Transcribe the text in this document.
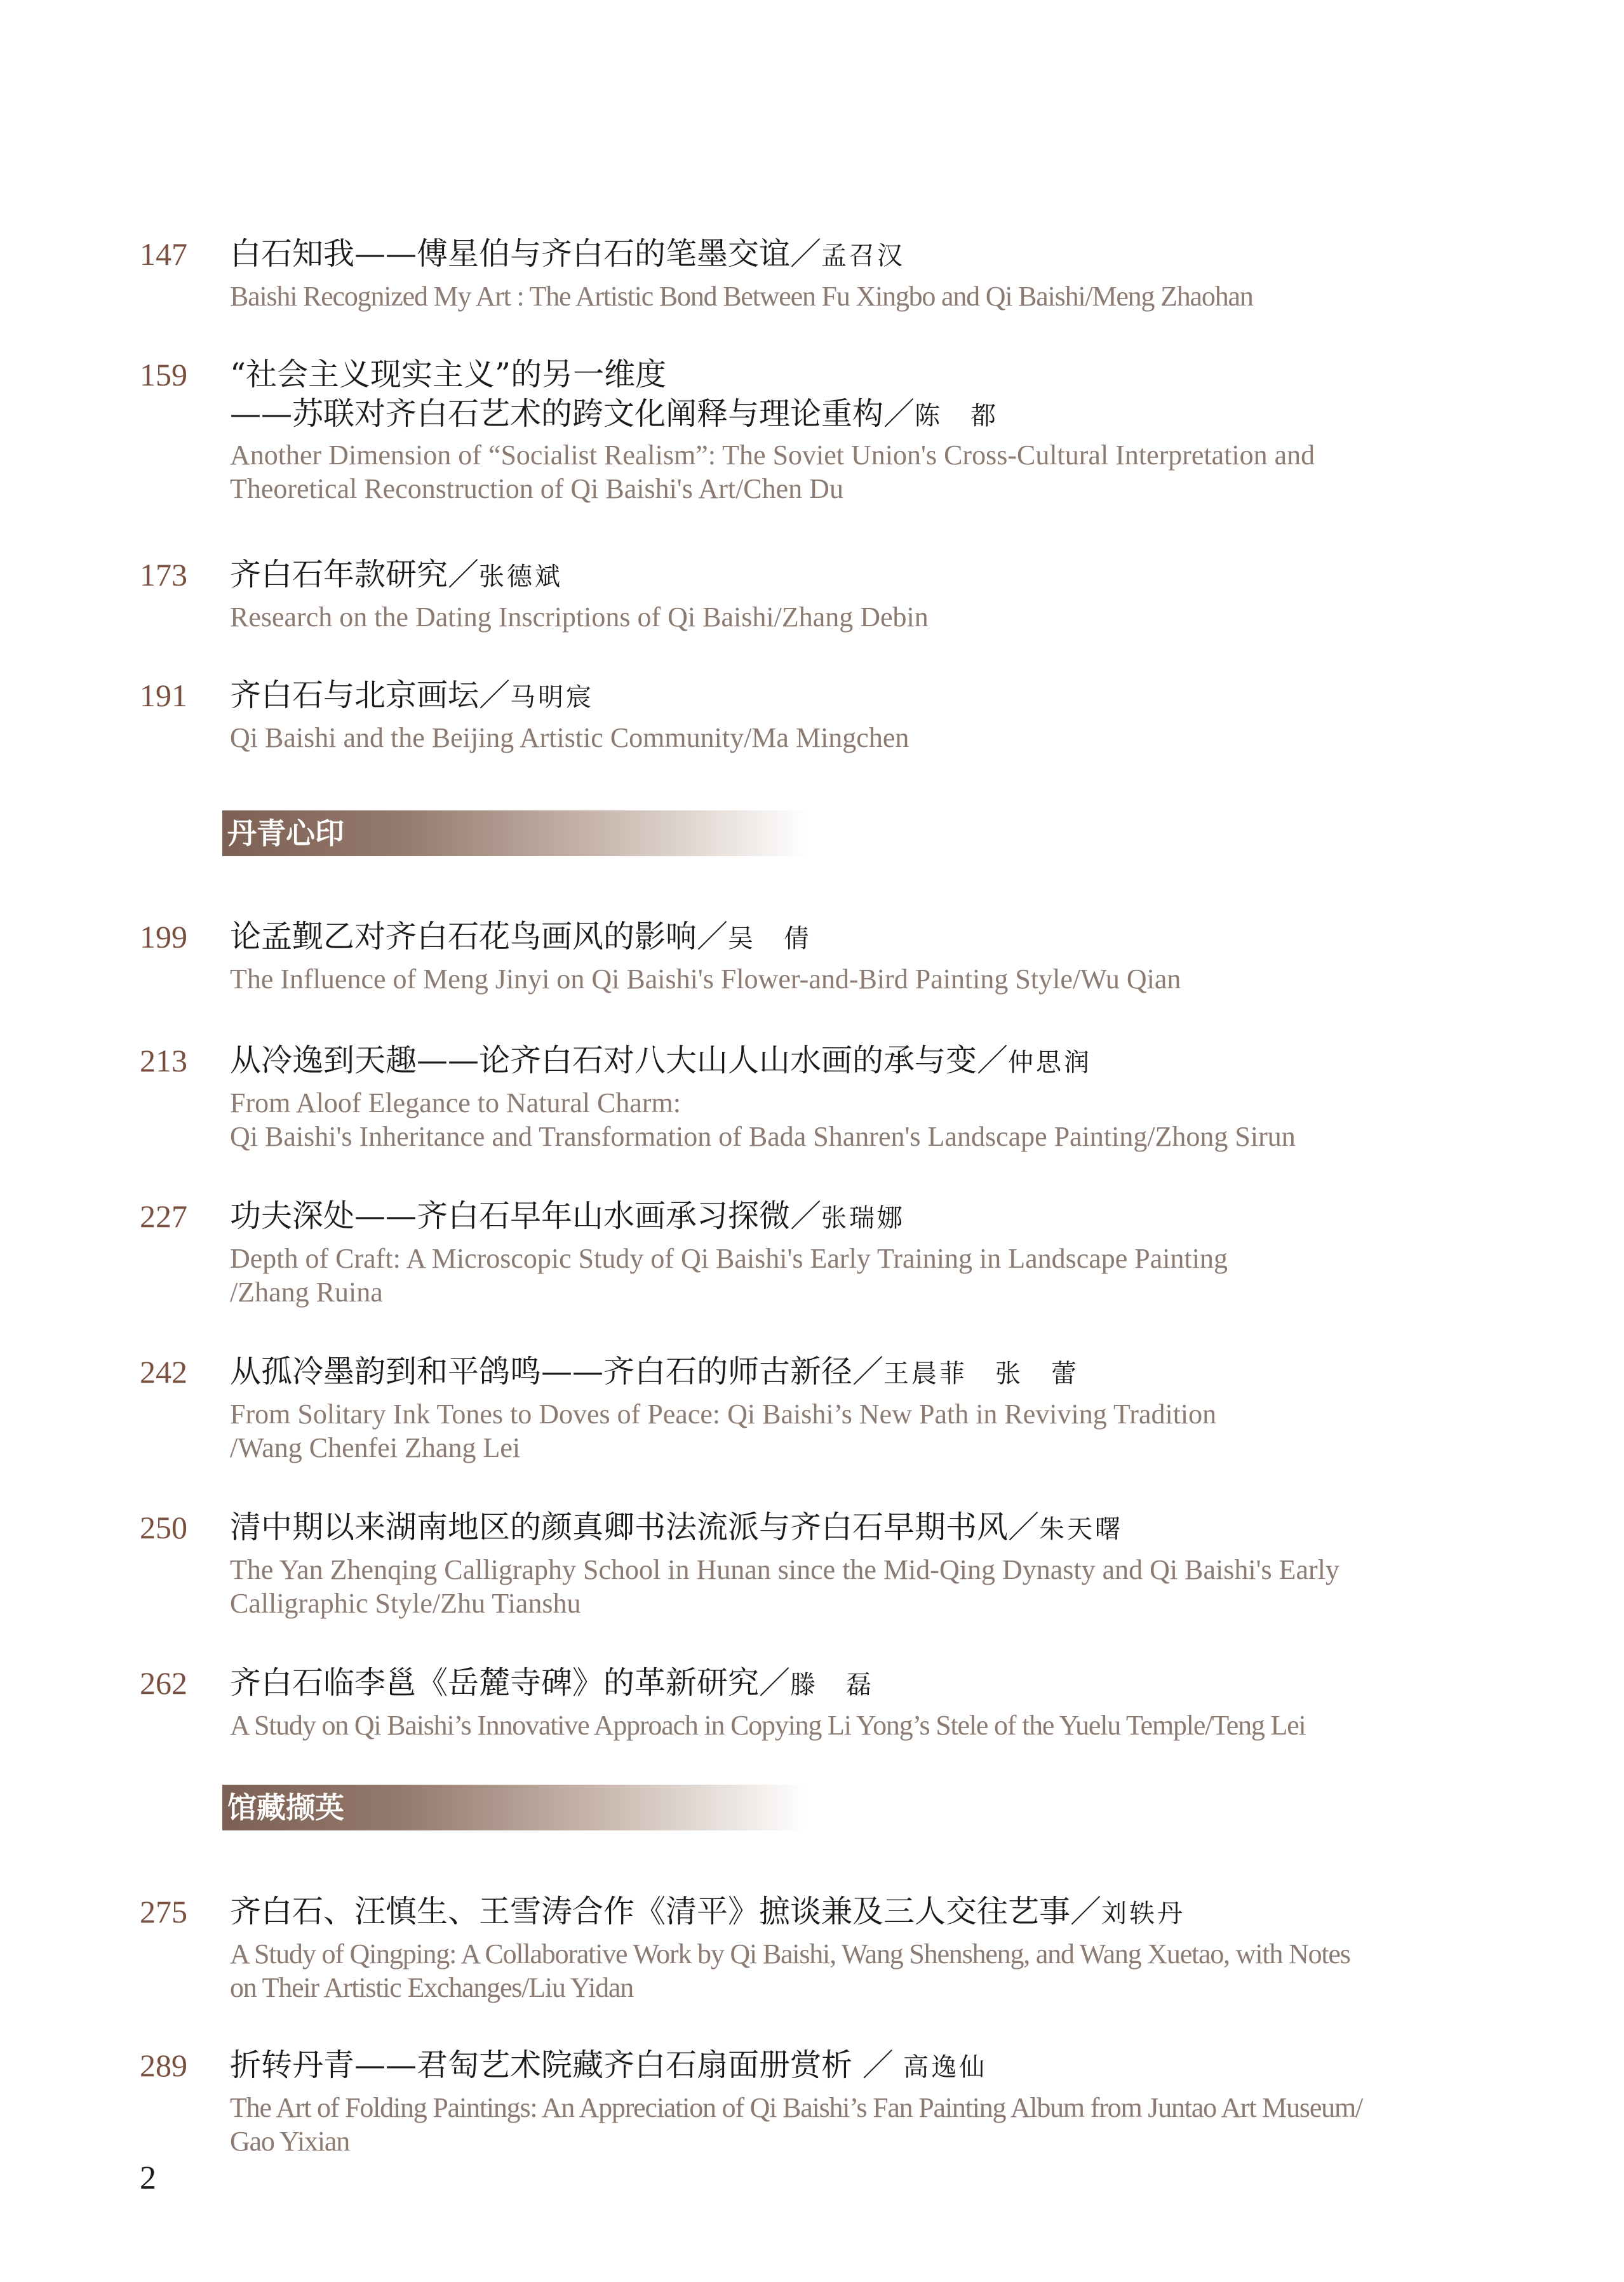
147	白石知我——傅星伯与齐白石的笔墨交谊／孟召汉
Baishi Recognized My Art : The Artistic Bond Between Fu Xingbo and Qi Baishi/Meng Zhaohan
159	“社会主义现实主义”的另一维度
——苏联对齐白石艺术的跨文化阐释与理论重构／陈　都
Another Dimension of “Socialist Realism”: The Soviet Union's Cross-Cultural Interpretation and
Theoretical Reconstruction of Qi Baishi's Art/Chen Du
173	齐白石年款研究／张德斌
Research on the Dating Inscriptions of Qi Baishi/Zhang Debin
191	齐白石与北京画坛／马明宸
Qi Baishi and the Beijing Artistic Community/Ma Mingchen
丹青心印
199	论孟觐乙对齐白石花鸟画风的影响／吴　倩
The Influence of Meng Jinyi on Qi Baishi's Flower-and-Bird Painting Style/Wu Qian
213	从冷逸到天趣——论齐白石对八大山人山水画的承与变／仲思润
From Aloof Elegance to Natural Charm:
Qi Baishi's Inheritance and Transformation of Bada Shanren's Landscape Painting/Zhong Sirun
227	功夫深处——齐白石早年山水画承习探微／张瑞娜
Depth of Craft: A Microscopic Study of Qi Baishi's Early Training in Landscape Painting
/Zhang Ruina
242	从孤冷墨韵到和平鸽鸣——齐白石的师古新径／王晨菲　张　蕾
From Solitary Ink Tones to Doves of Peace: Qi Baishi’s New Path in Reviving Tradition
/Wang Chenfei Zhang Lei
250	清中期以来湖南地区的颜真卿书法流派与齐白石早期书风／朱天曙
The Yan Zhenqing Calligraphy School in Hunan since the Mid-Qing Dynasty and Qi Baishi's Early
Calligraphic Style/Zhu Tianshu
262	齐白石临李邕《岳麓寺碑》的革新研究／滕　磊
A Study on Qi Baishi’s Innovative Approach in Copying Li Yong’s Stele of the Yuelu Temple/Teng Lei
馆藏撷英
275	齐白石、汪慎生、王雪涛合作《清平》摭谈兼及三人交往艺事／刘轶丹
A Study of Qingping: A Collaborative Work by Qi Baishi, Wang Shensheng, and Wang Xuetao, with Notes
on Their Artistic Exchanges/Liu Yidan
289	折转丹青——君匋艺术院藏齐白石扇面册赏析 ／ 高逸仙
The Art of Folding Paintings: An Appreciation of Qi Baishi’s Fan Painting Album from Juntao Art Museum/
Gao Yixian
2
